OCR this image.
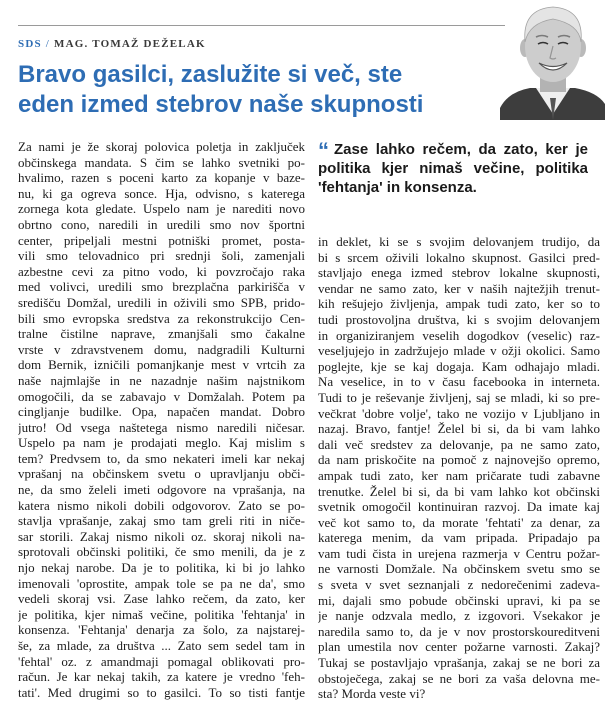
SDS / MAG. TOMAŽ DEŽELAK
Bravo gasilci, zaslužite si več, ste
eden izmed stebrov naše skupnosti
Za nami je že skoraj polovica poletja in zaključek
občinskega mandata. S čim se lahko svetniki po-
hvalimo, razen s poceni karto za kopanje v baze-
nu, ki ga ogreva sonce. Hja, odvisno, s katerega
zornega kota gledate. Uspelo nam je narediti novo
obrtno cono, naredili in uredili smo nov športni
center, pripeljali mestni potniški promet, posta-
vili smo telovadnico pri srednji šoli, zamenjali
azbestne cevi za pitno vodo, ki povzročajo raka
med volivci, uredili smo brezplačna parkirišča v
središču Domžal, uredili in oživili smo SPB, prido-
bili smo evropska sredstva za rekonstrukcijo Cen-
tralne čistilne naprave, zmanjšali smo čakalne
vrste v zdravstvenem domu, nadgradili Kulturni
dom Bernik, izničili pomanjkanje mest v vrtcih za
naše najmlajše in ne nazadnje našim najstnikom
omogočili, da se zabavajo v Domžalah. Potem pa
cingljanje budilke. Opa, napačen mandat. Dobro
jutro! Od vsega naštetega nismo naredili ničesar.
Uspelo pa nam je prodajati meglo. Kaj mislim s
tem? Predvsem to, da smo nekateri imeli kar nekaj
vprašanj na občinskem svetu o upravljanju obči-
ne, da smo želeli imeti odgovore na vprašanja, na
katera nismo nikoli dobili odgovorov. Zato se po-
stavlja vprašanje, zakaj smo tam greli riti in niče-
sar storili. Zakaj nismo nikoli oz. skoraj nikoli na-
sprotovali občinski politiki, če smo menili, da je z
njo nekaj narobe. Da je to politika, ki bi jo lahko
imenovali 'oprostite, ampak tole se pa ne da', smo
vedeli skoraj vsi. Zase lahko rečem, da zato, ker
je politika, kjer nimaš večine, politika 'fehtanja' in
konsenza. 'Fehtanja' denarja za šolo, za najstarej-
še, za mlade, za društva ... Zato sem sedel tam in
'fehtal' oz. z amandmaji pomagal oblikovati pro-
račun. Je kar nekaj takih, za katere je vredno 'feh-
tati'. Med drugimi so to gasilci. To so tisti fantje
“ Zase lahko rečem, da zato, ker je
politika kjer nimaš večine, politika
'fehtanja' in konsenza.
in deklet, ki se s svojim delovanjem trudijo, da
bi s srcem oživili lokalno skupnost. Gasilci pred-
stavljajo enega izmed stebrov lokalne skupnosti,
vendar ne samo zato, ker v naših najtežjih trenut-
kih rešujejo življenja, ampak tudi zato, ker so to
tudi prostovoljna društva, ki s svojim delovanjem
in organiziranjem veselih dogodkov (veselic) raz-
veseljujejo in zadržujejo mlade v ožji okolici. Samo
poglejte, kje se kaj dogaja. Kam odhajajo mladi.
Na veselice, in to v času facebooka in interneta.
Tudi to je reševanje življenj, saj se mladi, ki so pre-
večkrat 'dobre volje', tako ne vozijo v Ljubljano in
nazaj. Bravo, fantje! Želel bi si, da bi vam lahko
dali več sredstev za delovanje, pa ne samo zato,
da nam priskočite na pomoč z najnovejšo opremo,
ampak tudi zato, ker nam pričarate tudi zabavne
trenutke. Želel bi si, da bi vam lahko kot občinski
svetnik omogočil kontinuiran razvoj. Da imate kaj
več kot samo to, da morate 'fehtati' za denar, za
katerega menim, da vam pripada. Pripadajo pa
vam tudi čista in urejena razmerja v Centru požar-
ne varnosti Domžale. Na občinskem svetu smo se
s sveta v svet seznanjali z nedorečenimi zadeva-
mi, dajali smo pobude občinski upravi, ki pa se
je nanje odzvala medlo, z izgovori. Vsekakor je
naredila samo to, da je v nov prostorskoureditveni
plan umestila nov center požarne varnosti. Zakaj?
Tukaj se postavljajo vprašanja, zakaj se ne bori za
obstoječega, zakaj se ne bori za vaša delovna me-
sta? Morda veste vi?
